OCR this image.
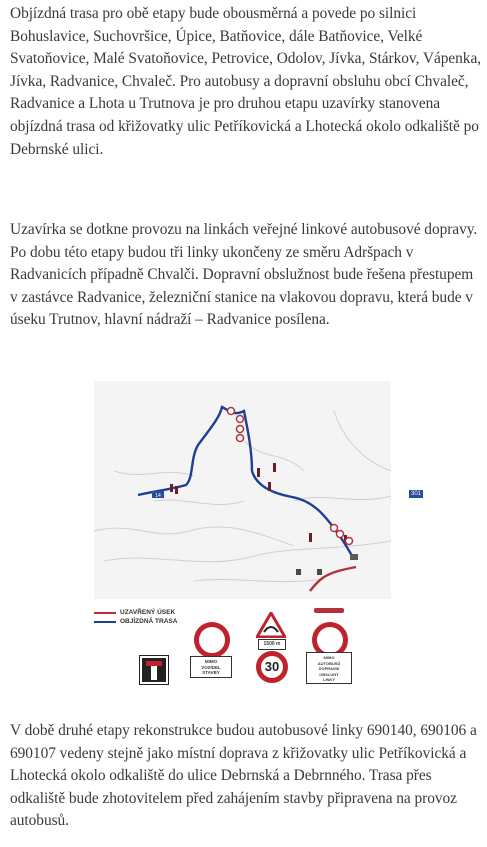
Objízdná trasa pro obě etapy bude obousměrná a povede po silnici Bohuslavice, Suchovršice, Úpice, Batňovice, dále Batňovice, Velké Svatoňovice, Malé Svatoňovice, Petrovice, Odolov, Jívka, Stárkov, Vápenka, Jívka, Radvanice, Chvaleč. Pro autobusy a dopravní obsluhu obcí Chvaleč, Radvanice a Lhota u Trutnova je pro druhou etapu uzavírky stanovena objízdná trasa od křižovatky ulic Petříkovická a Lhotecká okolo odkaliště po Debrnské ulici.

Uzavírka se dotkne provozu na linkách veřejné linkové autobusové dopravy. Po dobu této etapy budou tři linky ukončeny ze směru Adršpach v Radvanicích případně Chvalči. Dopravní obslužnost bude řešena přestupem v zastávce Radvanice, železniční stanice na vlakovou dopravu, která bude v úseku Trutnov, hlavní nádraží – Radvanice posílena.

14	301
UZAVŘENÝ ÚSEK
OBJÍZDNÁ TRASA
MIMO
VOZIDEL
STAVBY
1500 m
30
MIMO
AUTOBUSŮ
DOPRAVNÍ
OBSLUHY
LINKY

V době druhé etapy rekonstrukce budou autobusové linky 690140, 690106 a 690107 vedeny stejně jako místní doprava z křižovatky ulic Petříkovická a Lhotecká okolo odkaliště do ulice Debrnská a Debrnného. Trasa přes odkaliště bude zhotovitelem před zahájením stavby připravena na provoz autobusů.
